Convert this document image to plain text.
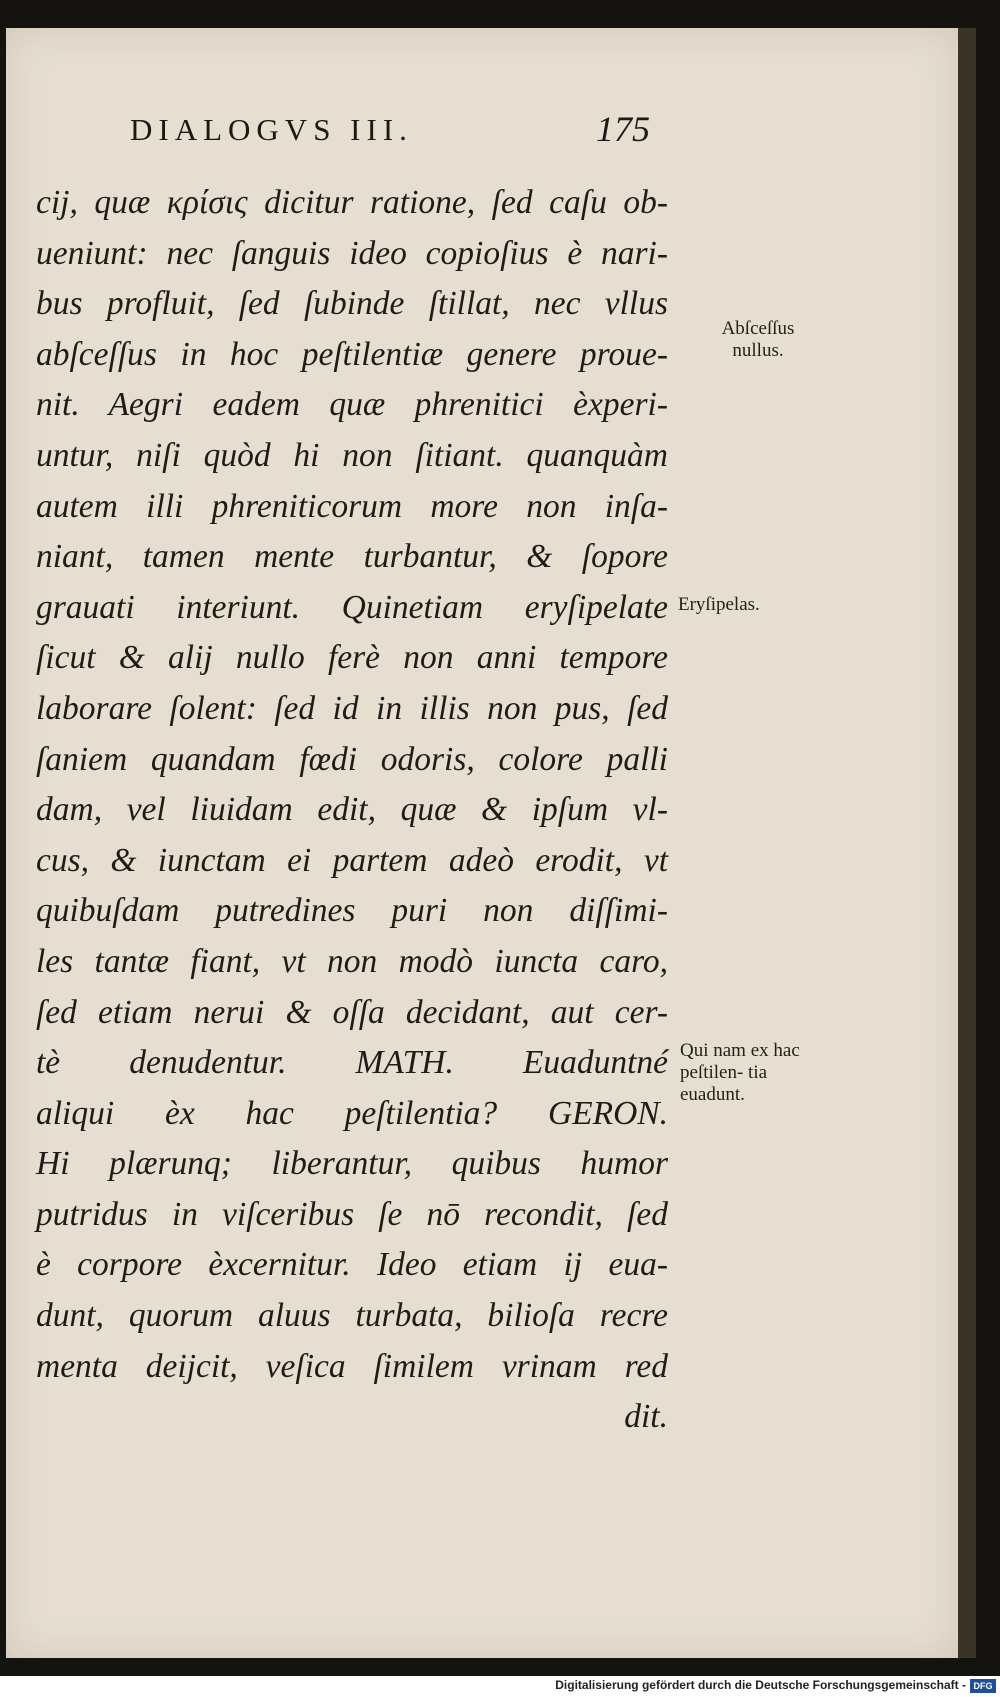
DIALOGVS III.	175
cij, quæ κρίσις dicitur ratione, ſed caſu ob-
ueniunt: nec ſanguis ideo copioſius è nari-
bus profluit, ſed ſubinde ſtillat, nec vllus
abſceſſus in hoc peſtilentiæ genere proue-
nit. Aegri eadem quæ phrenitici èxperi-
untur, niſi quòd hi non ſitiant. quanquàm
autem illi phreniticorum more non inſa-
niant, tamen mente turbantur, & ſopore
grauati interiunt. Quinetiam eryſipelate
ſicut & alij nullo ferè non anni tempore
laborare ſolent: ſed id in illis non pus, ſed
ſaniem quandam fœdi odoris, colore palli
dam, vel liuidam edit, quæ & ipſum vl-
cus, & iunctam ei partem adeò erodit, vt
quibuſdam putredines puri non diſſimi-
les tantæ fiant, vt non modò iuncta caro,
ſed etiam nerui & oſſa decidant, aut cer-
tè denudentur. MATH. Euaduntné
aliqui èx hac peſtilentia? GERON.
Hi plærunq; liberantur, quibus humor
putridus in viſceribus ſe nō recondit, ſed
è corpore èxcernitur. Ideo etiam ij eua-
dunt, quorum aluus turbata, bilioſa recre
menta deijcit, veſica ſimilem vrinam red
dit.
Abſceſſus nullus.
Eryſipelas.
Qui nam ex hac peſtilen- tia euadunt.
Digitalisierung gefördert durch die Deutsche Forschungsgemeinschaft - DFG
